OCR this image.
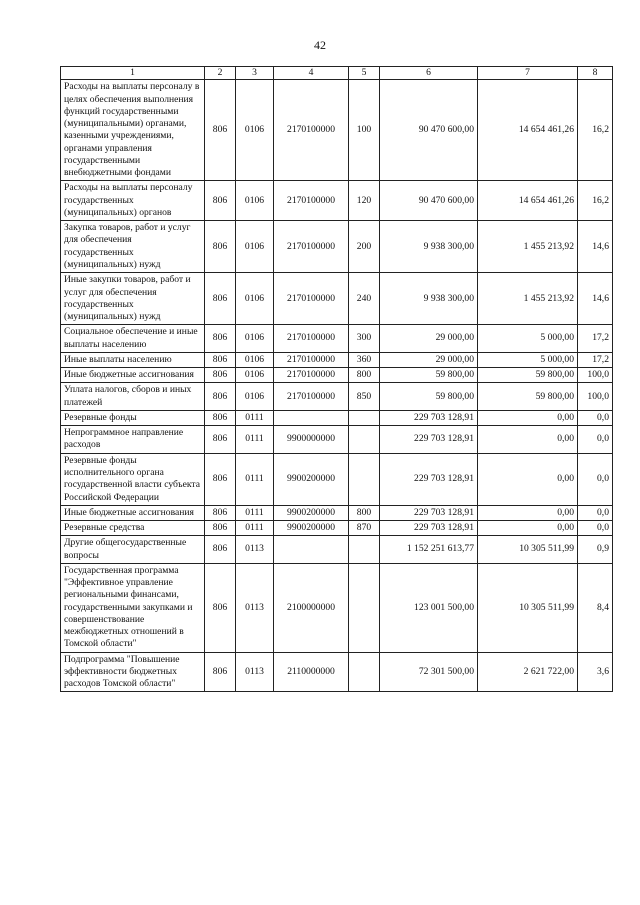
42
1	2	3	4	5	6	7	8
Расходы на выплаты персоналу в целях обеспечения выполнения функций государственными (муниципальными) органами, казенными учреждениями, органами управления государственными внебюджетными фондами	806	0106	2170100000	100	90 470 600,00	14 654 461,26	16,2
Расходы на выплаты персоналу государственных (муниципальных) органов	806	0106	2170100000	120	90 470 600,00	14 654 461,26	16,2
Закупка товаров, работ и услуг для обеспечения государственных (муниципальных) нужд	806	0106	2170100000	200	9 938 300,00	1 455 213,92	14,6
Иные закупки товаров, работ и услуг для обеспечения государственных (муниципальных) нужд	806	0106	2170100000	240	9 938 300,00	1 455 213,92	14,6
Социальное обеспечение и иные выплаты населению	806	0106	2170100000	300	29 000,00	5 000,00	17,2
Иные выплаты населению	806	0106	2170100000	360	29 000,00	5 000,00	17,2
Иные бюджетные ассигнования	806	0106	2170100000	800	59 800,00	59 800,00	100,0
Уплата налогов, сборов и иных платежей	806	0106	2170100000	850	59 800,00	59 800,00	100,0
Резервные фонды	806	0111			229 703 128,91	0,00	0,0
Непрограммное направление расходов	806	0111	9900000000		229 703 128,91	0,00	0,0
Резервные фонды исполнительного органа государственной власти субъекта Российской Федерации	806	0111	9900200000		229 703 128,91	0,00	0,0
Иные бюджетные ассигнования	806	0111	9900200000	800	229 703 128,91	0,00	0,0
Резервные средства	806	0111	9900200000	870	229 703 128,91	0,00	0,0
Другие общегосударственные вопросы	806	0113			1 152 251 613,77	10 305 511,99	0,9
Государственная программа "Эффективное управление региональными финансами, государственными закупками и совершенствование межбюджетных отношений в Томской области"	806	0113	2100000000		123 001 500,00	10 305 511,99	8,4
Подпрограмма "Повышение эффективности бюджетных расходов Томской области"	806	0113	2110000000		72 301 500,00	2 621 722,00	3,6
